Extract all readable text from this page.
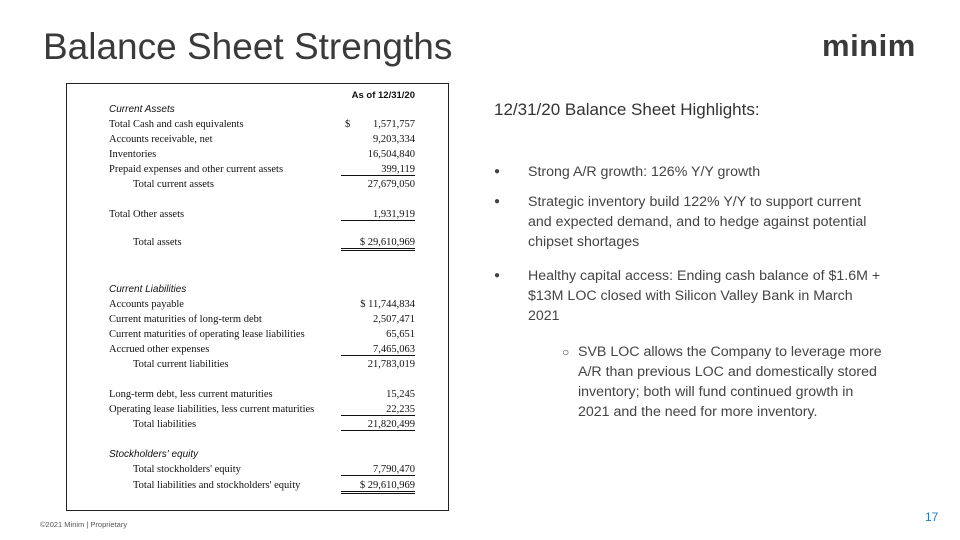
Balance Sheet Strengths	minim
As of 12/31/20
Current Assets
Total Cash and cash equivalents	$ 1,571,757
Accounts receivable, net	9,203,334
Inventories	16,504,840
Prepaid expenses and other current assets	399,119
Total current assets	27,679,050
Total Other assets	1,931,919
Total assets	$ 29,610,969
Current Liabilities
Accounts payable	$ 11,744,834
Current maturities of long-term debt	2,507,471
Current maturities of operating lease liabilities	65,651
Accrued other expenses	7,465,063
Total current liabilities	21,783,019
Long-term debt, less current maturities	15,245
Operating lease liabilities, less current maturities	22,235
Total liabilities	21,820,499
Stockholders' equity
Total stockholders' equity	7,790,470
Total liabilities and stockholders' equity	$ 29,610,969
12/31/20 Balance Sheet Highlights:
● Strong A/R growth: 126% Y/Y growth
● Strategic inventory build 122% Y/Y to support current and expected demand, and to hedge against potential chipset shortages
● Healthy capital access: Ending cash balance of $1.6M + $13M LOC closed with Silicon Valley Bank in March 2021
○ SVB LOC allows the Company to leverage more A/R than previous LOC and domestically stored inventory; both will fund continued growth in 2021 and the need for more inventory.
©2021 Minim | Proprietary
17
